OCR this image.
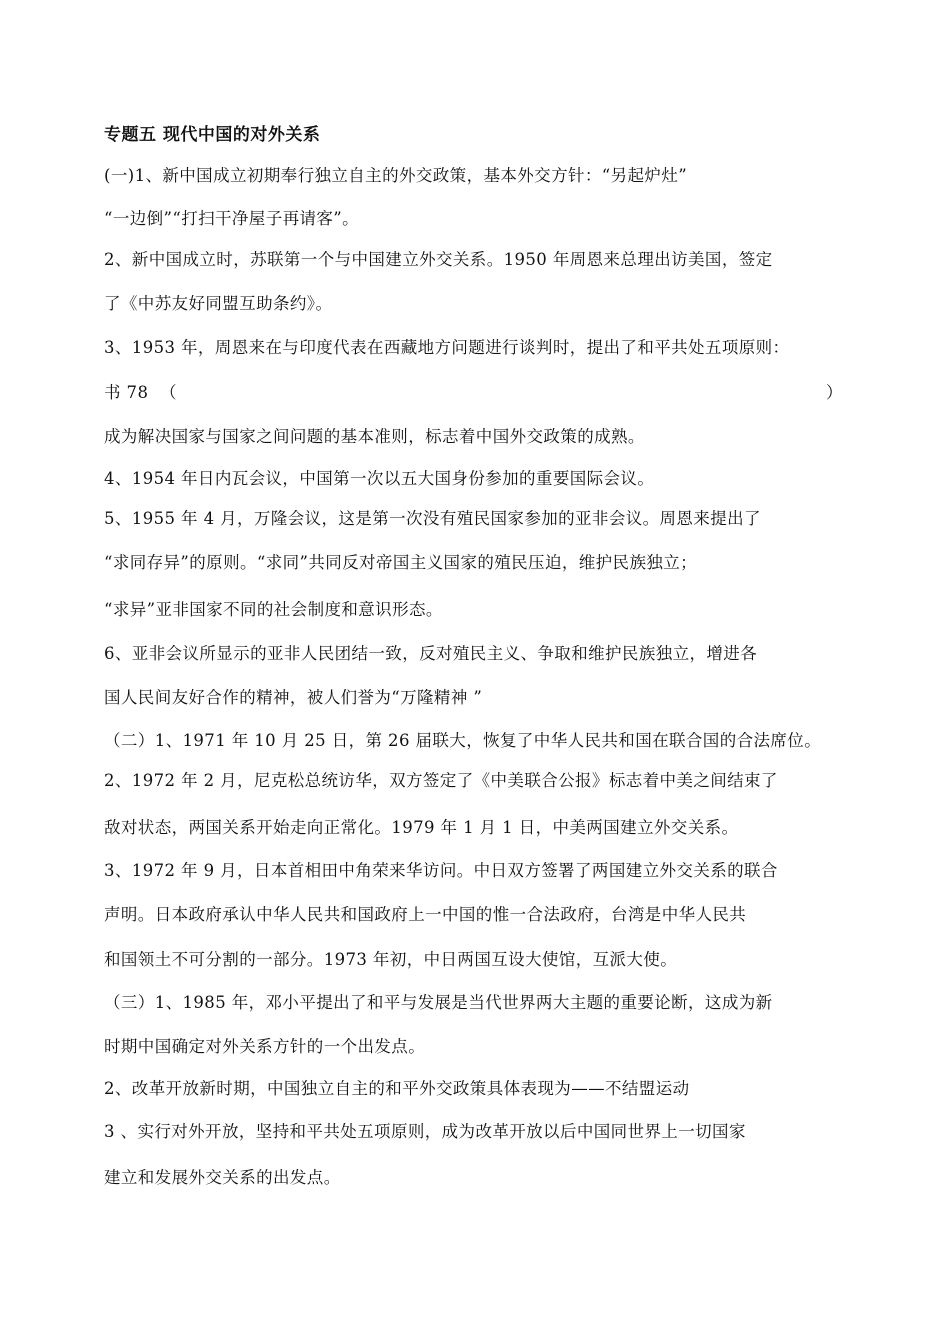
专题五 现代中国的对外关系
(一)1、新中国成立初期奉行独立自主的外交政策，基本外交方针：“另起炉灶”
“一边倒”“打扫干净屋子再请客”。
2、新中国成立时，苏联第一个与中国建立外交关系。1950 年周恩来总理出访美国，签定
了《中苏友好同盟互助条约》。
3、1953 年，周恩来在与印度代表在西藏地方问题进行谈判时，提出了和平共处五项原则：
书 78 （	）
成为解决国家与国家之间问题的基本准则，标志着中国外交政策的成熟。
4、1954 年日内瓦会议，中国第一次以五大国身份参加的重要国际会议。
5、1955 年 4 月，万隆会议，这是第一次没有殖民国家参加的亚非会议。周恩来提出了
“求同存异”的原则。“求同”共同反对帝国主义国家的殖民压迫，维护民族独立；
“求异”亚非国家不同的社会制度和意识形态。
6、亚非会议所显示的亚非人民团结一致，反对殖民主义、争取和维护民族独立，增进各
国人民间友好合作的精神，被人们誉为“万隆精神 ”
（二）1、1971 年 10 月 25 日，第 26 届联大，恢复了中华人民共和国在联合国的合法席位。
2、1972 年 2 月，尼克松总统访华，双方签定了《中美联合公报》标志着中美之间结束了
敌对状态，两国关系开始走向正常化。1979 年 1 月 1 日，中美两国建立外交关系。
3、1972 年 9 月，日本首相田中角荣来华访问。中日双方签署了两国建立外交关系的联合
声明。日本政府承认中华人民共和国政府上一中国的惟一合法政府，台湾是中华人民共
和国领土不可分割的一部分。1973 年初，中日两国互设大使馆，互派大使。
（三）1、1985 年，邓小平提出了和平与发展是当代世界两大主题的重要论断，这成为新
时期中国确定对外关系方针的一个出发点。
2、改革开放新时期，中国独立自主的和平外交政策具体表现为——不结盟运动
3 、实行对外开放，坚持和平共处五项原则，成为改革开放以后中国同世界上一切国家
建立和发展外交关系的出发点。
